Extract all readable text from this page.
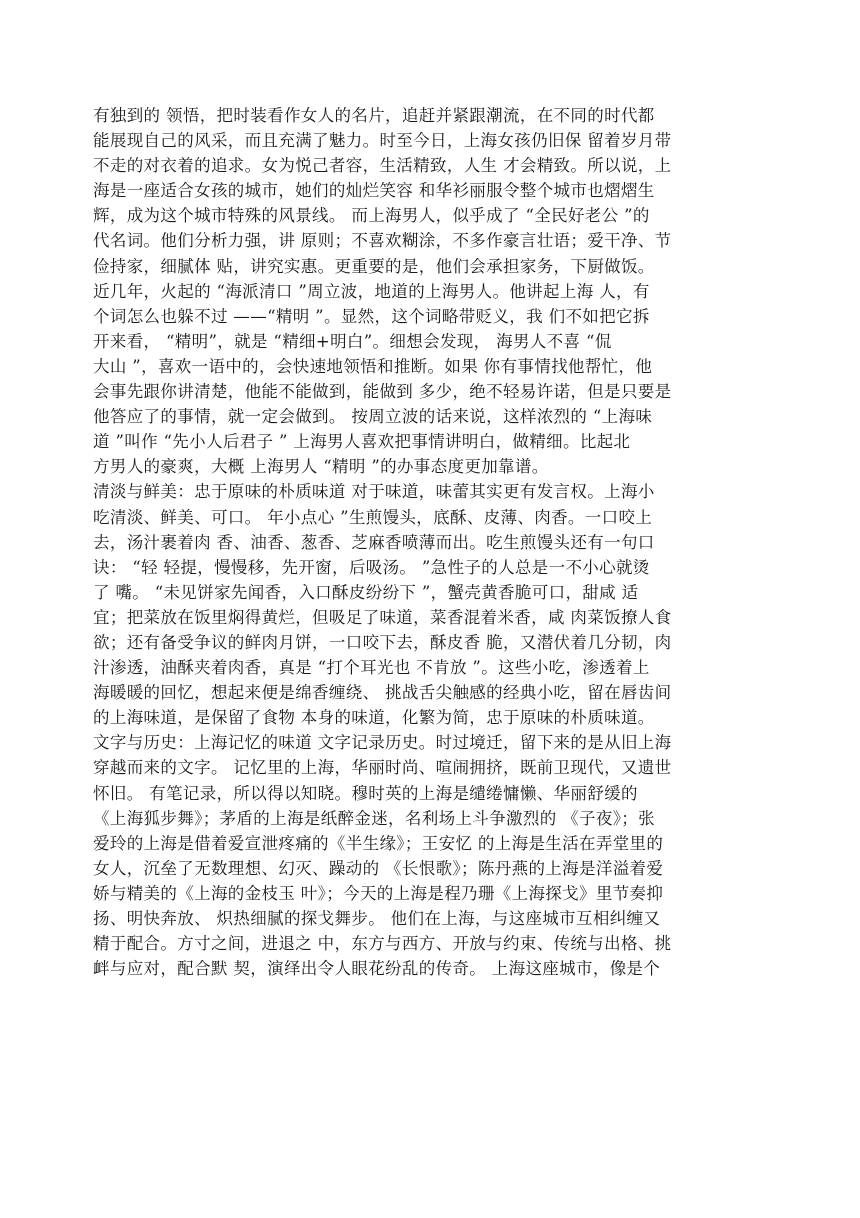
有独到的 领悟，把时装看作女人的名片，追赶并紧跟潮流，在不同的时代都
能展现自己的风采，而且充满了魅力。时至今日，上海女孩仍旧保 留着岁月带
不走的对衣着的追求。女为悦己者容，生活精致，人生 才会精致。所以说，上
海是一座适合女孩的城市，她们的灿烂笑容 和华衫丽服令整个城市也熠熠生
辉，成为这个城市特殊的风景线。 而上海男人，似乎成了 “全民好老公 ”的
代名词。他们分析力强，讲 原则；不喜欢糊涂，不多作豪言壮语；爱干净、节
俭持家，细腻体 贴，讲究实惠。更重要的是，他们会承担家务，下厨做饭。
近几年，火起的 “海派清口 ”周立波，地道的上海男人。他讲起上海 人，有
个词怎么也躲不过 ——“精明 ”。显然，这个词略带贬义，我 们不如把它拆
开来看， “精明”，就是 “精细+明白”。细想会发现， 海男人不喜 “侃
大山 ”，喜欢一语中的，会快速地领悟和推断。如果 你有事情找他帮忙，他
会事先跟你讲清楚，他能不能做到，能做到 多少，绝不轻易许诺，但是只要是
他答应了的事情，就一定会做到。 按周立波的话来说，这样浓烈的 “上海味
道 ”叫作 “先小人后君子 ” 上海男人喜欢把事情讲明白，做精细。比起北
方男人的豪爽，大概 上海男人 “精明 ”的办事态度更加靠谱。
清淡与鲜美：忠于原味的朴质味道 对于味道，味蕾其实更有发言权。上海小
吃清淡、鲜美、可口。 年小点心 ”生煎馒头，底酥、皮薄、肉香。一口咬上
去，汤汁裹着肉 香、油香、葱香、芝麻香喷薄而出。吃生煎馒头还有一句口
诀： “轻 轻提，慢慢移，先开窗，后吸汤。 ”急性子的人总是一不小心就烫
了 嘴。 “未见饼家先闻香，入口酥皮纷纷下 ”，蟹壳黄香脆可口，甜咸 适
宜；把菜放在饭里焖得黄烂，但吸足了味道，菜香混着米香，咸 肉菜饭撩人食
欲；还有备受争议的鲜肉月饼，一口咬下去，酥皮香 脆，又潜伏着几分韧，肉
汁渗透，油酥夹着肉香，真是 “打个耳光也 不肯放 ”。这些小吃，渗透着上
海暖暖的回忆，想起来便是绵香缠绕、 挑战舌尖触感的经典小吃，留在唇齿间
的上海味道，是保留了食物 本身的味道，化繁为简，忠于原味的朴质味道。
文字与历史：上海记忆的味道 文字记录历史。时过境迁，留下来的是从旧上海
穿越而来的文字。 记忆里的上海，华丽时尚、喧闹拥挤，既前卫现代，又遗世
怀旧。 有笔记录，所以得以知晓。穆时英的上海是缱绻慵懒、华丽舒缓的
《上海狐步舞》；茅盾的上海是纸醉金迷，名利场上斗争激烈的 《子夜》；张
爱玲的上海是借着爱宣泄疼痛的《半生缘》；王安忆 的上海是生活在弄堂里的
女人，沉垒了无数理想、幻灭、躁动的 《长恨歌》；陈丹燕的上海是洋溢着爱
娇与精美的《上海的金枝玉 叶》；今天的上海是程乃珊《上海探戈》里节奏抑
扬、明快奔放、 炽热细腻的探戈舞步。 他们在上海，与这座城市互相纠缠又
精于配合。方寸之间，进退之 中，东方与西方、开放与约束、传统与出格、挑
衅与应对，配合默 契，演绎出令人眼花纷乱的传奇。 上海这座城市，像是个
